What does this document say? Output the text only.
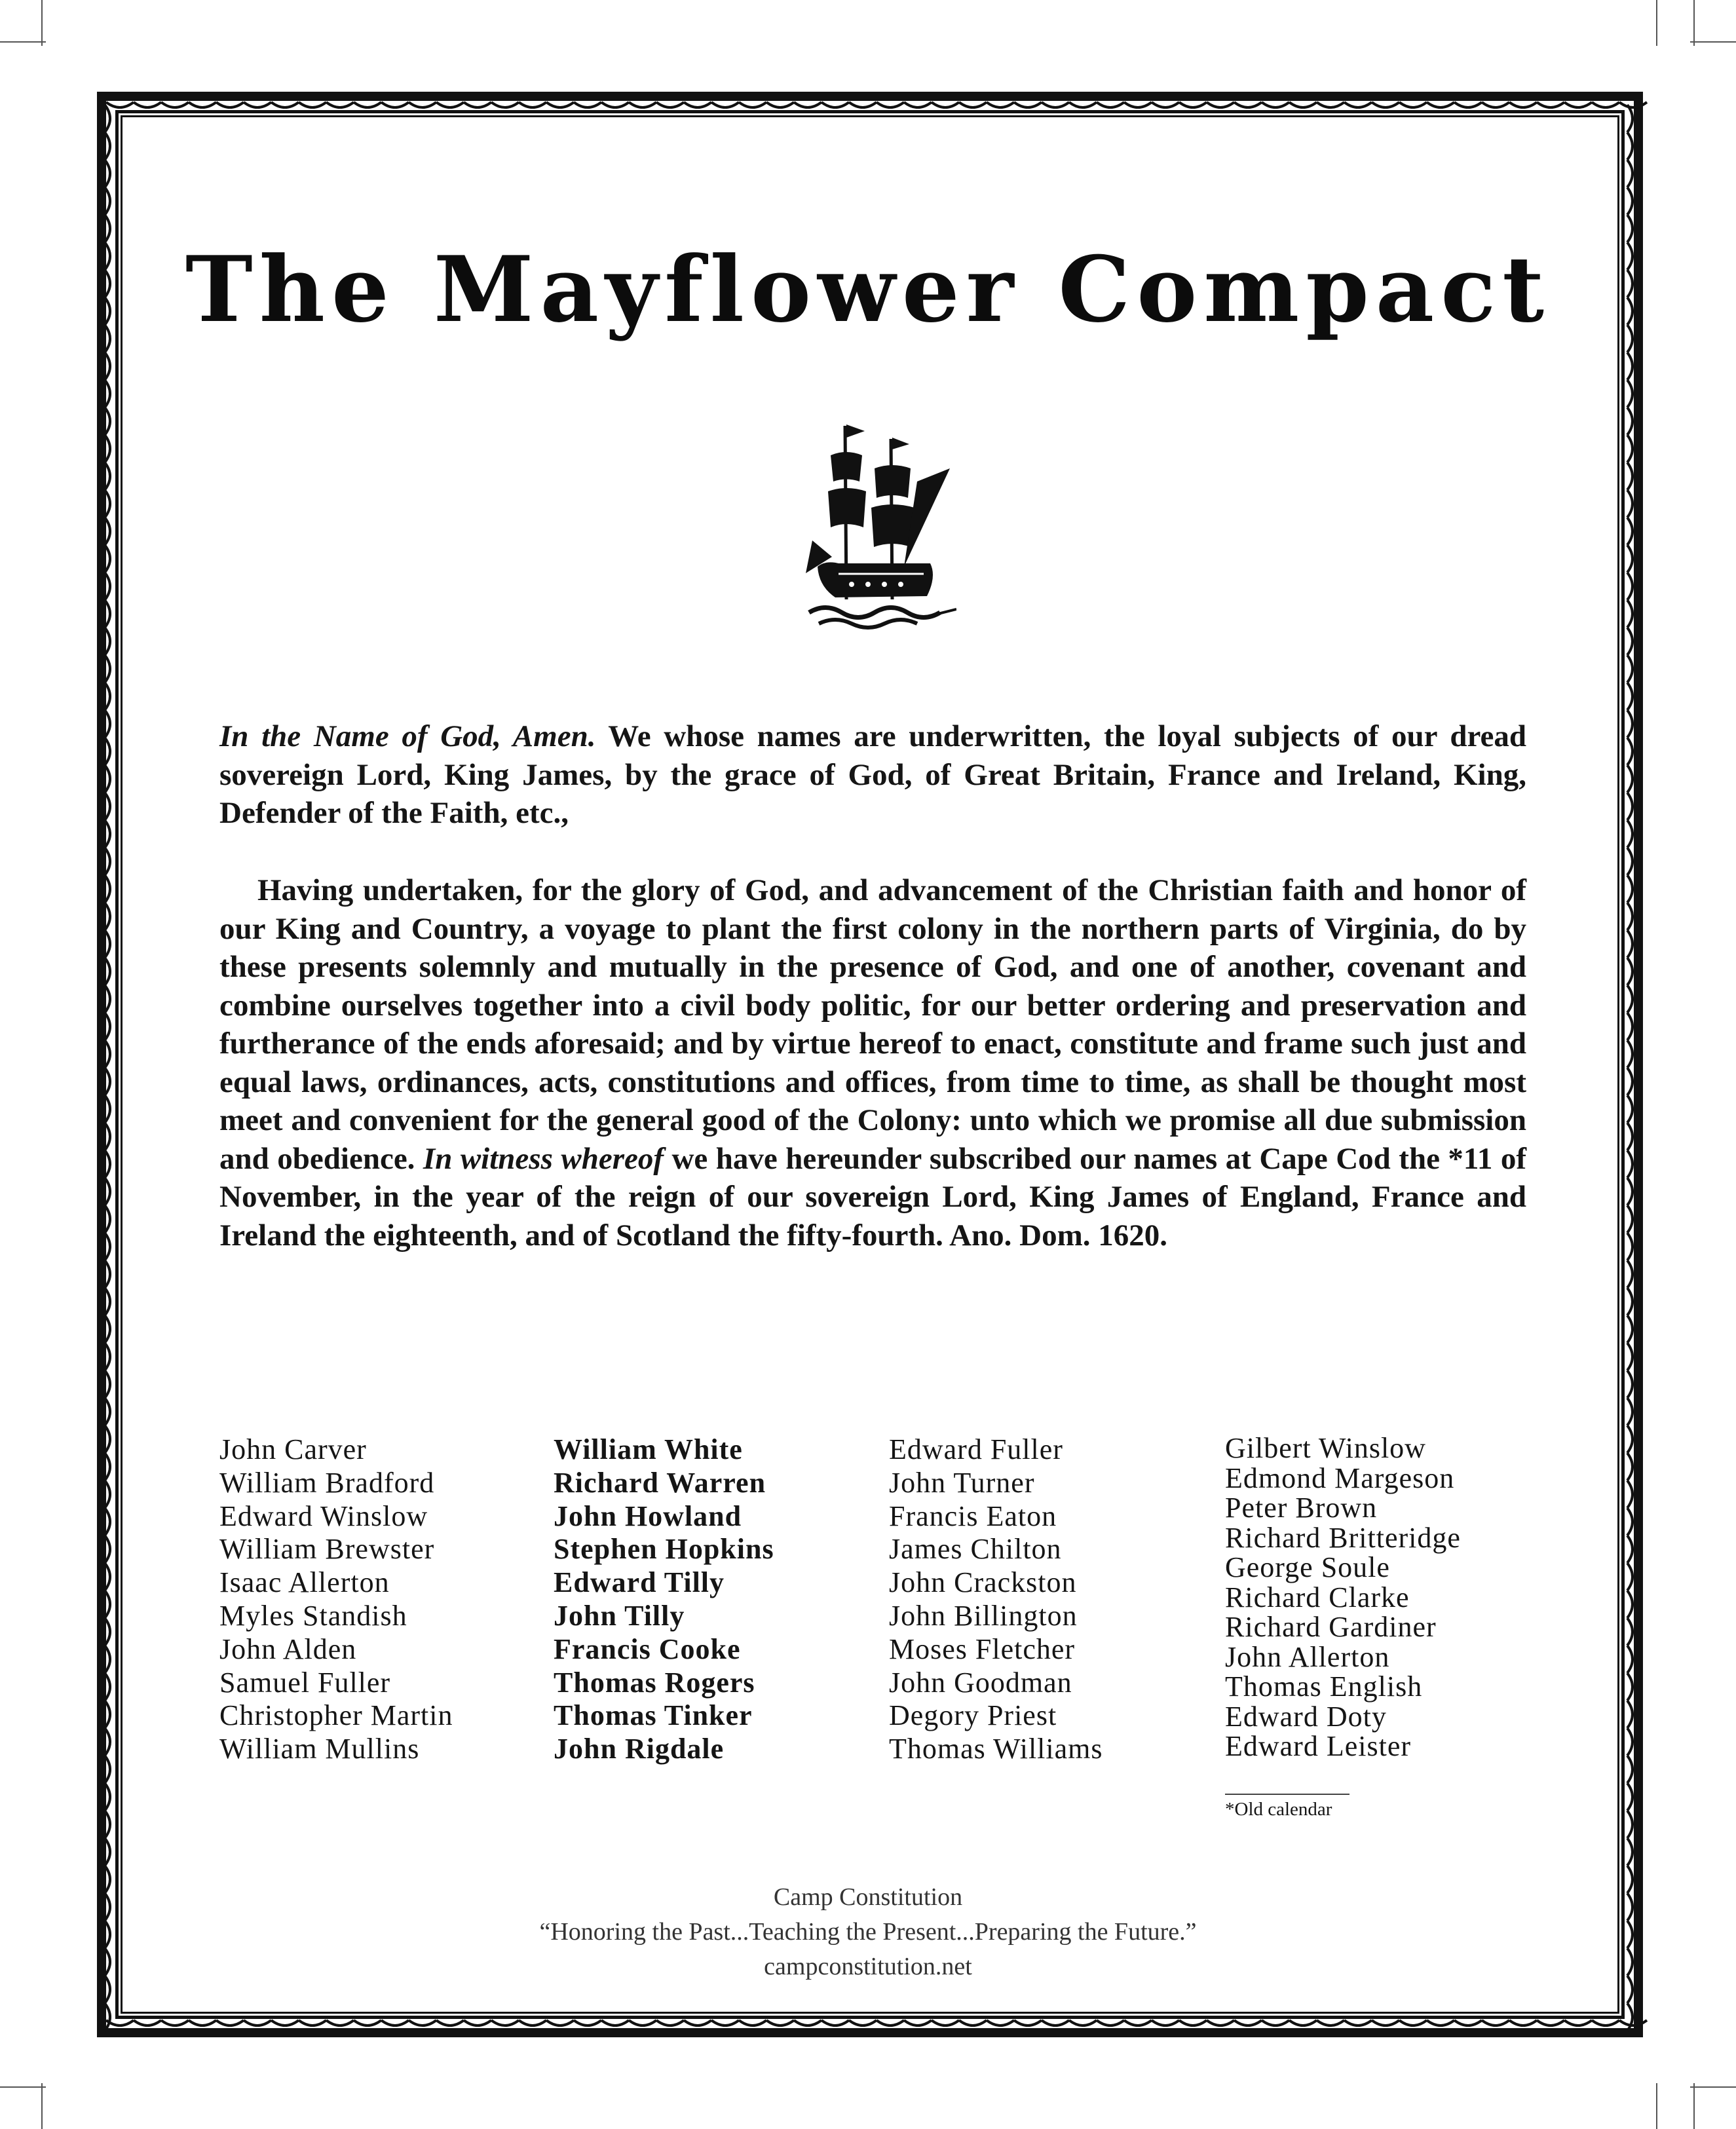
The Mayflower Compact

In the Name of God, Amen. We whose names are underwritten, the loyal subjects of our dread sovereign Lord, King James, by the grace of God, of Great Britain, France and Ireland, King, Defender of the Faith, etc.,

Having undertaken, for the glory of God, and advancement of the Christian faith and honor of our King and Country, a voyage to plant the first colony in the northern parts of Virginia, do by these presents solemnly and mutually in the presence of God, and one of another, covenant and combine ourselves together into a civil body politic, for our better ordering and preservation and furtherance of the ends aforesaid; and by virtue hereof to enact, constitute and frame such just and equal laws, ordinances, acts, constitutions and offices, from time to time, as shall be thought most meet and convenient for the general good of the Colony: unto which we promise all due submission and obedience. In witness whereof we have hereunder subscribed our names at Cape Cod the *11 of November, in the year of the reign of our sovereign Lord, King James of England, France and Ireland the eighteenth, and of Scotland the fifty-fourth. Ano. Dom. 1620.

John Carver
William Bradford
Edward Winslow
William Brewster
Isaac Allerton
Myles Standish
John Alden
Samuel Fuller
Christopher Martin
William Mullins
William White
Richard Warren
John Howland
Stephen Hopkins
Edward Tilly
John Tilly
Francis Cooke
Thomas Rogers
Thomas Tinker
John Rigdale
Edward Fuller
John Turner
Francis Eaton
James Chilton
John Crackston
John Billington
Moses Fletcher
John Goodman
Degory Priest
Thomas Williams
Gilbert Winslow
Edmond Margeson
Peter Brown
Richard Britteridge
George Soule
Richard Clarke
Richard Gardiner
John Allerton
Thomas English
Edward Doty
Edward Leister
*Old calendar
Camp Constitution
“Honoring the Past...Teaching the Present...Preparing the Future.”
campconstitution.net
